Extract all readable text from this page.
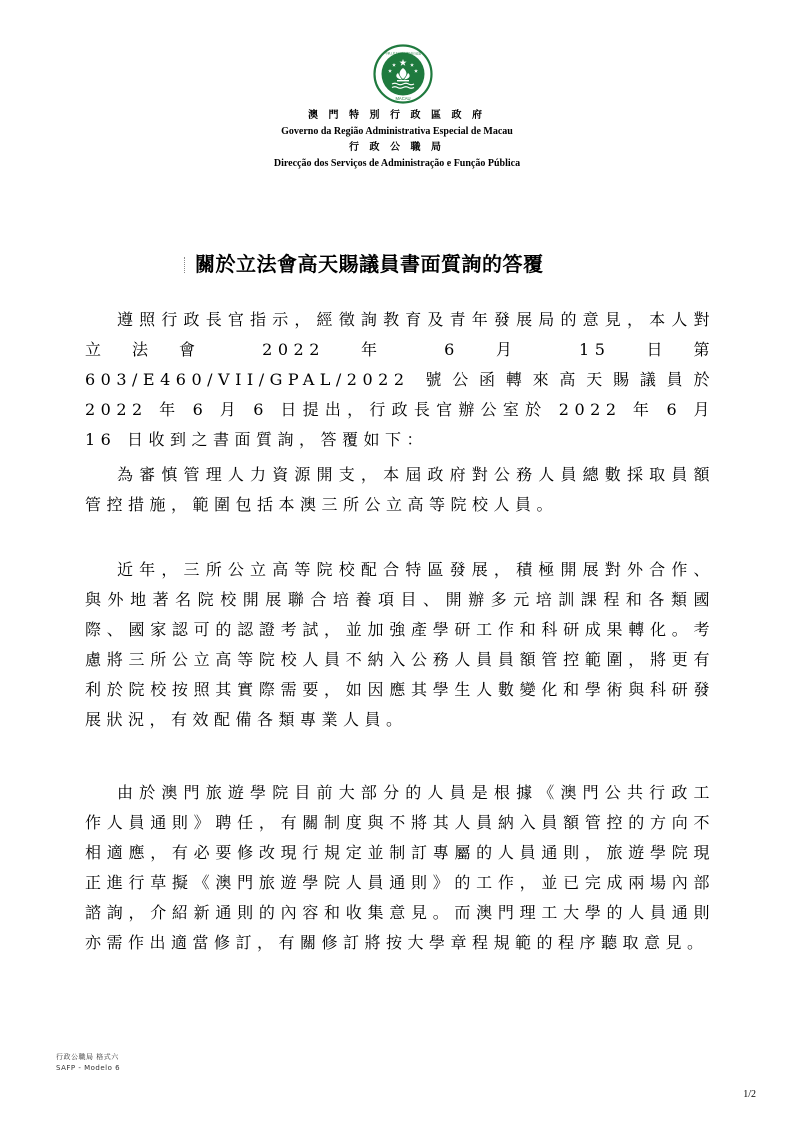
MACAU
中華人民共和國澳門特別行政區
澳 門 特 別 行 政 區 政 府
Governo da Região Administrativa Especial de Macau
行 政 公 職 局
Direcção dos Serviços de Administração e Função Pública
關於立法會高天賜議員書面質詢的答覆

遵照行政長官指示，經徵詢教育及青年發展局的意見，本人對立法會 2022 年 6 月 15 日第 603/E460/VII/GPAL/2022 號公函轉來高天賜議員於 2022 年 6 月 6 日提出，行政長官辦公室於 2022 年 6 月 16 日收到之書面質詢，答覆如下：

為審慎管理人力資源開支，本屆政府對公務人員總數採取員額管控措施，範圍包括本澳三所公立高等院校人員。

近年，三所公立高等院校配合特區發展，積極開展對外合作、與外地著名院校開展聯合培養項目、開辦多元培訓課程和各類國際、國家認可的認證考試，並加強產學研工作和科研成果轉化。考慮將三所公立高等院校人員不納入公務人員員額管控範圍，將更有利於院校按照其實際需要，如因應其學生人數變化和學術與科研發展狀況，有效配備各類專業人員。

由於澳門旅遊學院目前大部分的人員是根據《澳門公共行政工作人員通則》聘任，有關制度與不將其人員納入員額管控的方向不相適應，有必要修改現行規定並制訂專屬的人員通則，旅遊學院現正進行草擬《澳門旅遊學院人員通則》的工作，並已完成兩場內部諮詢，介紹新通則的內容和收集意見。而澳門理工大學的人員通則亦需作出適當修訂，有關修訂將按大學章程規範的程序聽取意見。

行政公職局 格式六
SAFP - Modelo 6
1/2
